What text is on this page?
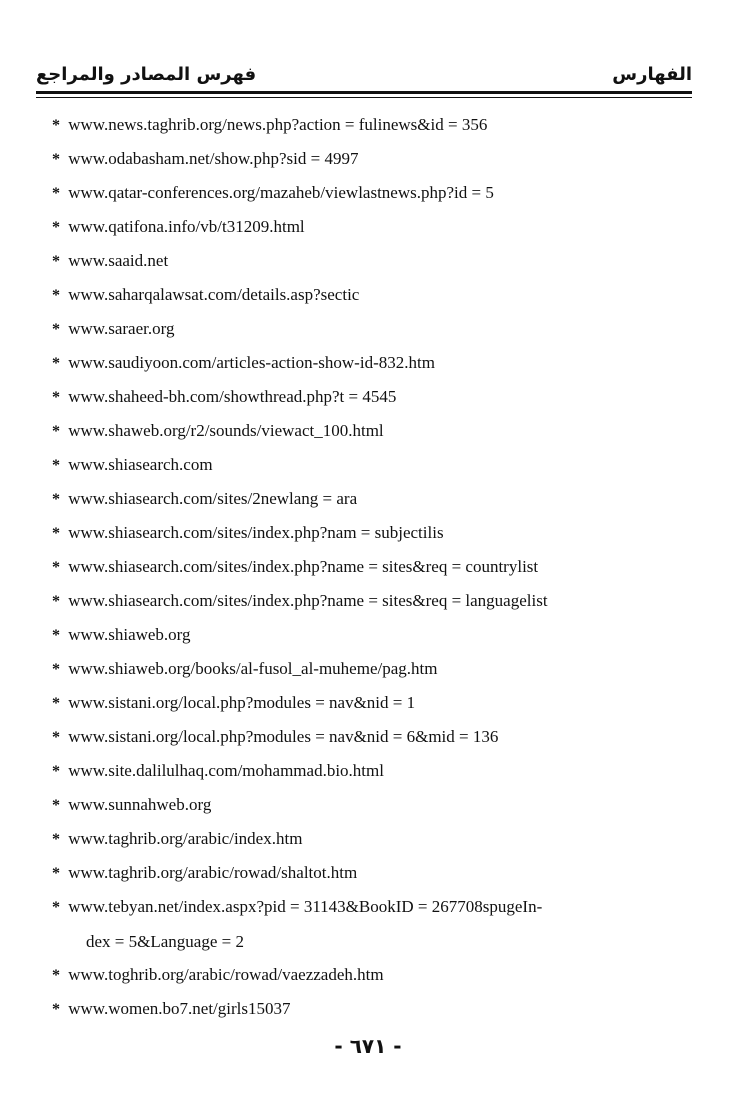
فهرس المصادر والمراجع	الفهارس
* www.news.taghrib.org/news.php?action = fulinews&id = 356
* www.odabasham.net/show.php?sid = 4997
* www.qatar-conferences.org/mazaheb/viewlastnews.php?id = 5
* www.qatifona.info/vb/t31209.html
* www.saaid.net
* www.saharqalawsat.com/details.asp?sectic
* www.saraer.org
* www.saudiyoon.com/articles-action-show-id-832.htm
* www.shaheed-bh.com/showthread.php?t = 4545
* www.shaweb.org/r2/sounds/viewact_100.html
* www.shiasearch.com
* www.shiasearch.com/sites/2newlang = ara
* www.shiasearch.com/sites/index.php?nam = subjectilis
* www.shiasearch.com/sites/index.php?name = sites&req = countrylist
* www.shiasearch.com/sites/index.php?name = sites&req = languagelist
* www.shiaweb.org
* www.shiaweb.org/books/al-fusol_al-muheme/pag.htm
* www.sistani.org/local.php?modules = nav&nid = 1
* www.sistani.org/local.php?modules = nav&nid = 6&mid = 136
* www.site.dalilulhaq.com/mohammad.bio.html
* www.sunnahweb.org
* www.taghrib.org/arabic/index.htm
* www.taghrib.org/arabic/rowad/shaltot.htm
* www.tebyan.net/index.aspx?pid = 31143&BookID = 267708spugeIn-
dex = 5&Language = 2
* www.toghrib.org/arabic/rowad/vaezzadeh.htm
* www.women.bo7.net/girls15037
- ٦٧١ -
